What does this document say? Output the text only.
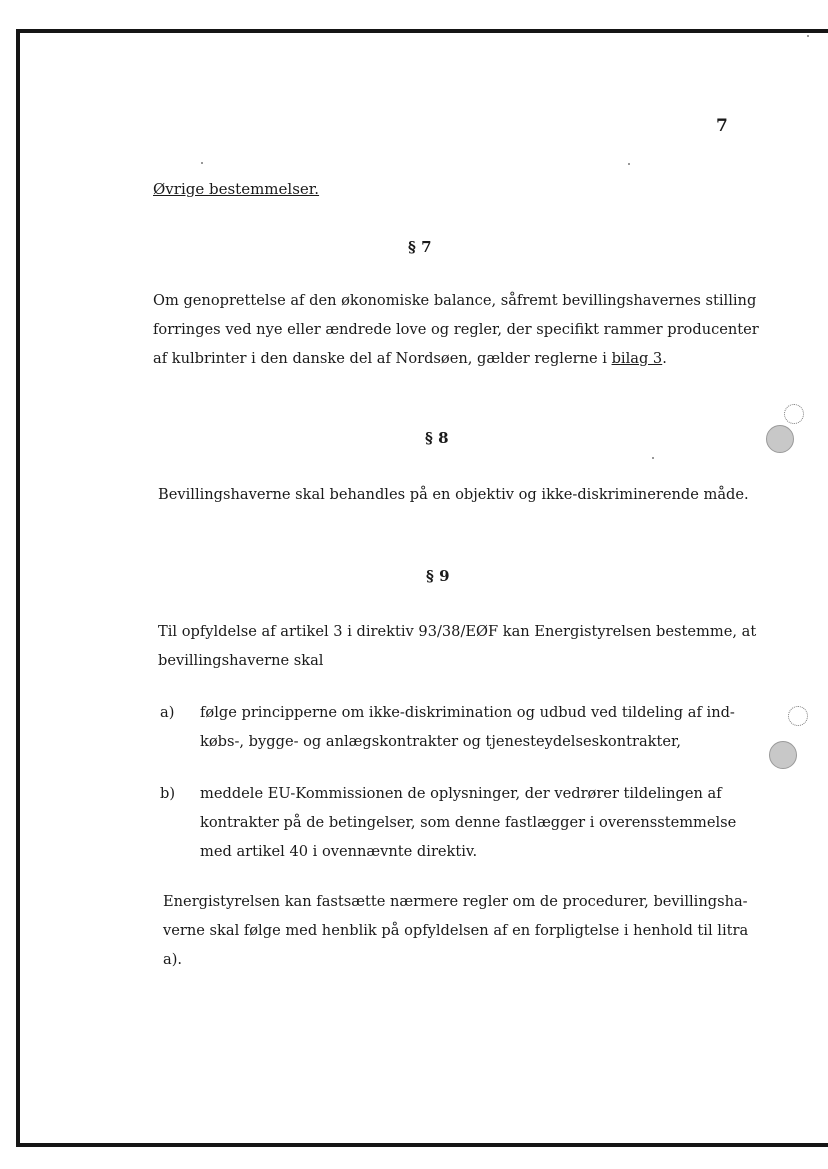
7
Øvrige bestemmelser.
§ 7
Om genoprettelse af den økonomiske balance, såfremt bevillingshavernes stilling
forringes ved nye eller ændrede love og regler, der specifikt rammer producenter
af kulbrinter i den danske del af Nordsøen, gælder reglerne i bilag 3.
§ 8
Bevillingshaverne skal behandles på en objektiv og ikke-diskriminerende måde.
§ 9
Til opfyldelse af artikel 3 i direktiv 93/38/EØF kan Energistyrelsen bestemme, at
bevillingshaverne skal
a) følge principperne om ikke-diskrimination og udbud ved tildeling af ind-
købs-, bygge- og anlægskontrakter og tjenesteydelseskontrakter,
b) meddele EU-Kommissionen de oplysninger, der vedrører tildelingen af
kontrakter på de betingelser, som denne fastlægger i overensstemmelse
med artikel 40 i ovennævnte direktiv.
Energistyrelsen kan fastsætte nærmere regler om de procedurer, bevillingsha-
verne skal følge med henblik på opfyldelsen af en forpligtelse i henhold til litra
a).
